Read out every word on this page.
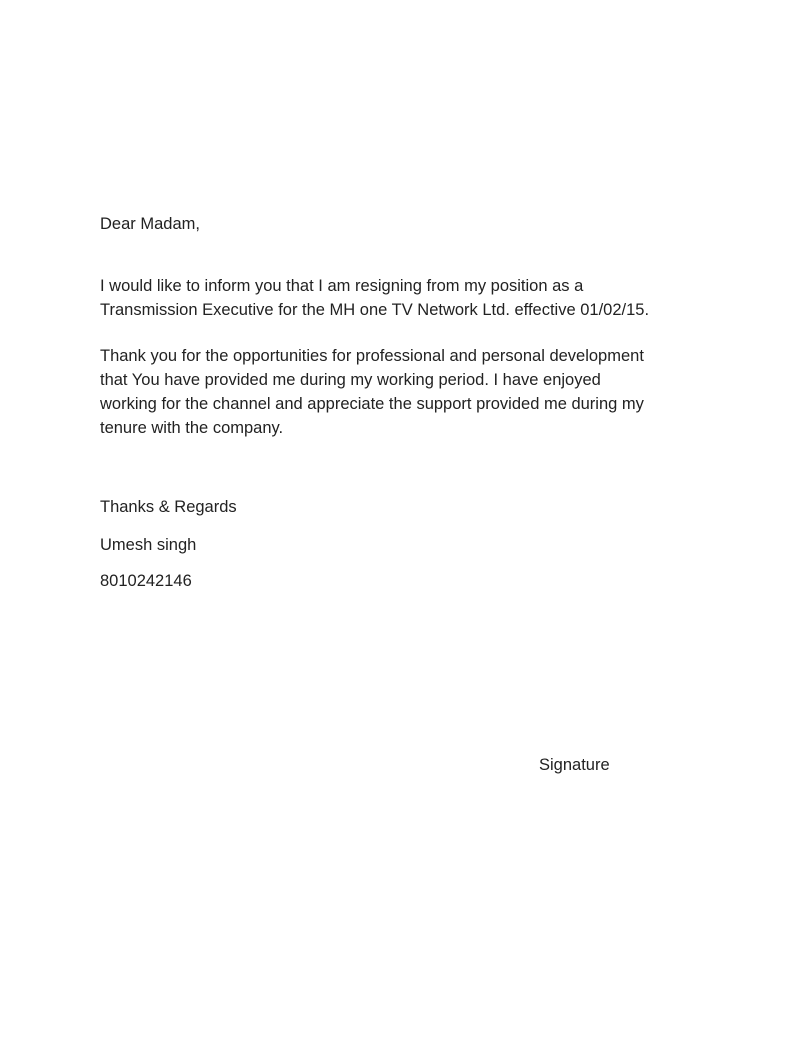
Dear Madam,
I would like to inform you that I am resigning from my position as a
Transmission Executive for the MH one TV Network Ltd. effective 01/02/15.
Thank you for the opportunities for professional and personal development
that You have provided me during my working period. I have enjoyed
working for the channel and appreciate the support provided me during my
tenure with the company.
Thanks & Regards
Umesh singh
8010242146
Signature
